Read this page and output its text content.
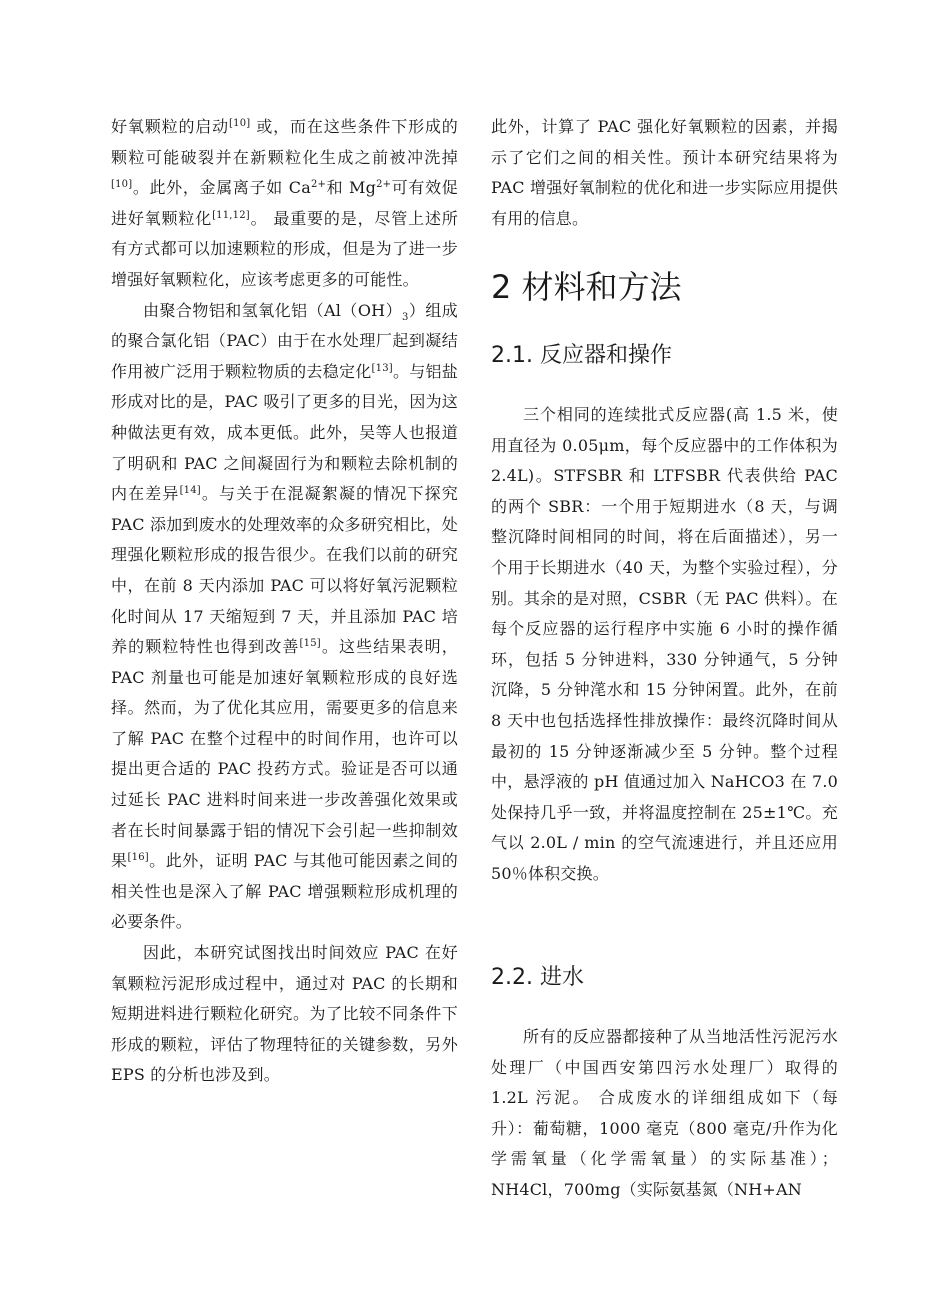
好氧颗粒的启动[10] 或，而在这些条件下形成的颗粒可能破裂并在新颗粒化生成之前被冲洗掉[10]。此外，金属离子如 $Ca^{2+}$和 $Mg^{2+}$可有效促进好氧颗粒化[11,12]。 最重要的是，尽管上述所有方式都可以加速颗粒的形成，但是为了进一步增强好氧颗粒化，应该考虑更多的可能性。

由聚合物铝和氢氧化铝$(Al(OH)_3)$组成的聚合氯化铝（PAC）由于在水处理厂起到凝结作用被广泛用于颗粒物质的去稳定化[13]。与铝盐形成对比的是，PAC 吸引了更多的目光，因为这种做法更有效，成本更低。此外，吴等人也报道了明矾和 PAC 之间凝固行为和颗粒去除机制的内在差异[14]。与关于在混凝絮凝的情况下探究 PAC 添加到废水的处理效率的众多研究相比，处理强化颗粒形成的报告很少。在我们以前的研究中，在前 8 天内添加 PAC 可以将好氧污泥颗粒化时间从 17 天缩短到 7 天，并且添加 PAC 培养的颗粒特性也得到改善[15]。这些结果表明，PAC 剂量也可能是加速好氧颗粒形成的良好选择。然而，为了优化其应用，需要更多的信息来了解 PAC 在整个过程中的时间作用，也许可以提出更合适的 PAC 投药方式。验证是否可以通过延长 PAC 进料时间来进一步改善强化效果或者在长时间暴露于铝的情况下会引起一些抑制效果[16]。此外，证明 PAC 与其他可能因素之间的相关性也是深入了解 PAC 增强颗粒形成机理的必要条件。

因此，本研究试图找出时间效应 PAC 在好氧颗粒污泥形成过程中，通过对 PAC 的长期和短期进料进行颗粒化研究。为了比较不同条件下形成的颗粒，评估了物理特征的关键参数，另外 EPS 的分析也涉及到。

此外，计算了 PAC 强化好氧颗粒的因素，并揭示了它们之间的相关性。预计本研究结果将为 PAC 增强好氧制粒的优化和进一步实际应用提供有用的信息。

2 材料和方法
2.1. 反应器和操作

三个相同的连续批式反应器(高 1.5 米，使用直径为 0.05μm，每个反应器中的工作体积为 2.4L)。STFSBR 和 LTFSBR 代表供给 PAC 的两个 SBR：一个用于短期进水（8 天，与调整沉降时间相同的时间，将在后面描述），另一个用于长期进水（40 天，为整个实验过程），分别。其余的是对照，CSBR（无 PAC 供料）。在每个反应器的运行程序中实施 6 小时的操作循环，包括 5 分钟进料，330 分钟通气，5 分钟沉降，5 分钟滗水和 15 分钟闲置。此外，在前 8 天中也包括选择性排放操作：最终沉降时间从最初的 15 分钟逐渐减少至 5 分钟。整个过程中，悬浮液的 pH 值通过加入 NaHCO3 在 7.0 处保持几乎一致，并将温度控制在 25±1℃。充气以 2.0L / min 的空气流速进行，并且还应用 50％体积交换。

2.2. 进水

所有的反应器都接种了从当地活性污泥污水处理厂（中国西安第四污水处理厂）取得的 1.2L 污泥。 合成废水的详细组成如下（每升）：葡萄糖，1000 毫克（800 毫克/升作为化学需氧量（化学需氧量）的实际基准）； NH4Cl，700mg（实际氨基氮（NH+AN
